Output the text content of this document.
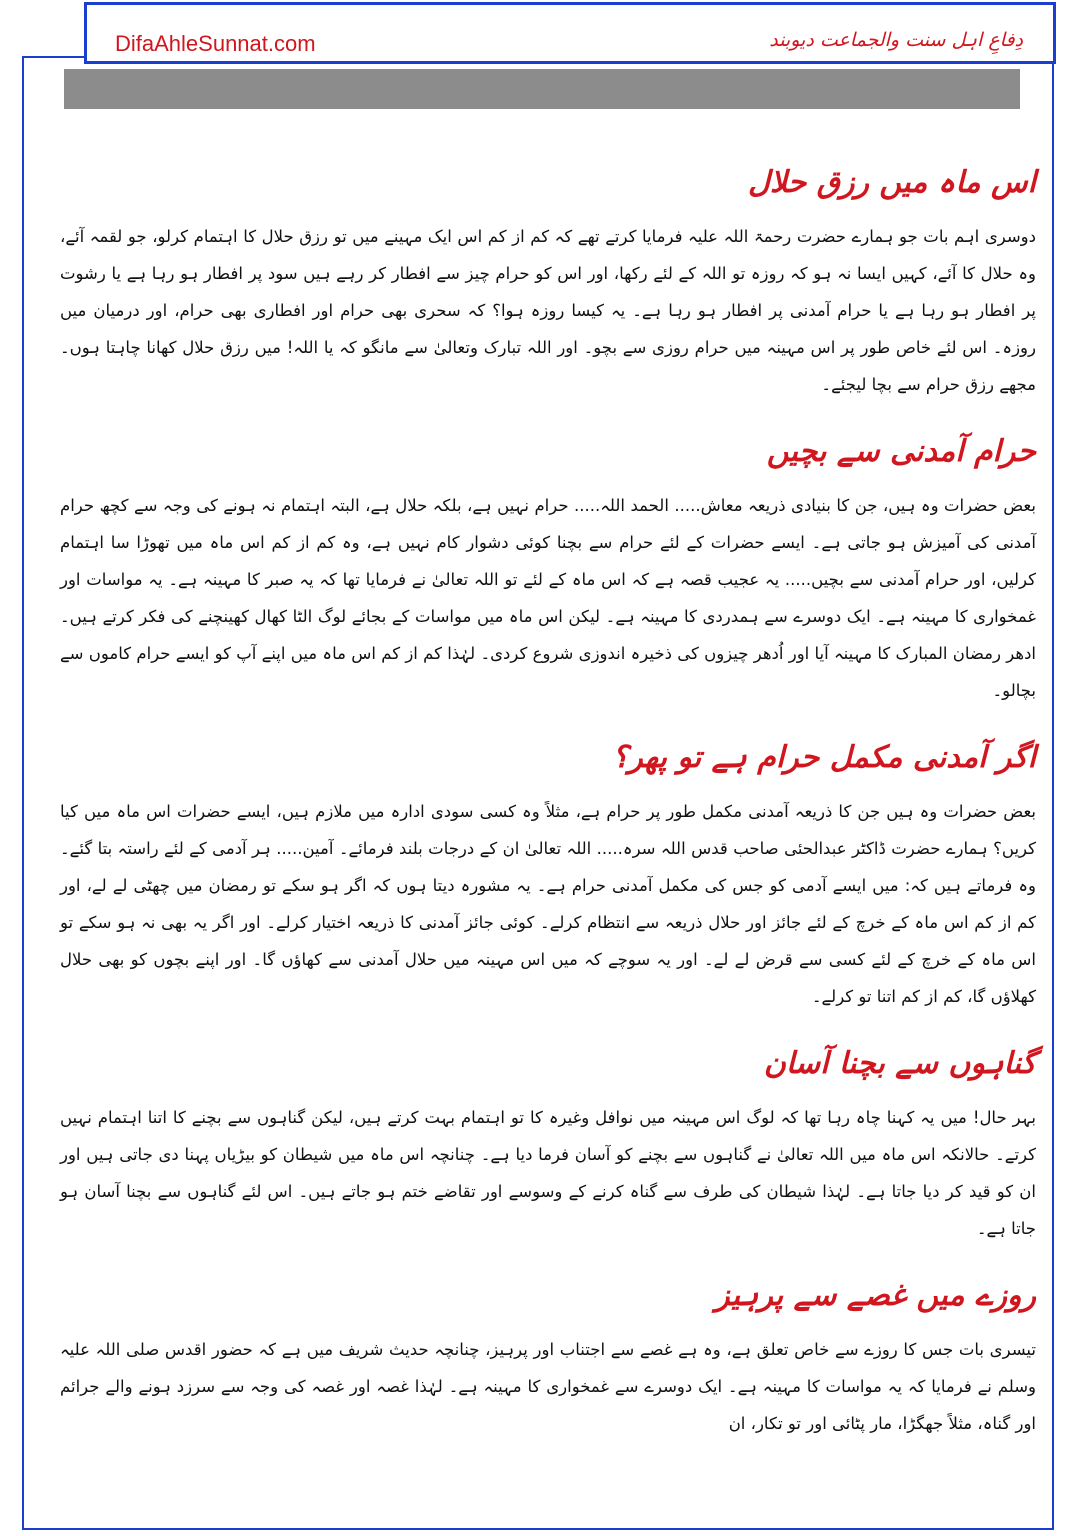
DifaAhleSunnat.com	دِفاعِ اہل سنت والجماعت دیوبند
اس ماہ میں رزق حلال

دوسری اہم بات جو ہمارے حضرت رحمۃ اللہ علیہ فرمایا کرتے تھے کہ کم از کم اس ایک مہینے میں تو رزق حلال کا اہتمام کرلو، جو لقمہ آئے، وہ حلال کا آئے، کہیں ایسا نہ ہو کہ روزہ تو اللہ کے لئے رکھا، اور اس کو حرام چیز سے افطار کر رہے ہیں سود پر افطار ہو رہا ہے یا رشوت پر افطار ہو رہا ہے یا حرام آمدنی پر افطار ہو رہا ہے۔ یہ کیسا روزہ ہوا؟ کہ سحری بھی حرام اور افطاری بھی حرام، اور درمیان میں روزہ۔ اس لئے خاص طور پر اس مہینہ میں حرام روزی سے بچو۔ اور اللہ تبارک وتعالیٰ سے مانگو کہ یا اللہ! میں رزق حلال کھانا چاہتا ہوں۔ مجھے رزق حرام سے بچا لیجئے۔

حرام آمدنی سے بچیں

بعض حضرات وہ ہیں، جن کا بنیادی ذریعہ معاش..... الحمد اللہ..... حرام نہیں ہے، بلکہ حلال ہے، البتہ اہتمام نہ ہونے کی وجہ سے کچھ حرام آمدنی کی آمیزش ہو جاتی ہے۔ ایسے حضرات کے لئے حرام سے بچنا کوئی دشوار کام نہیں ہے، وہ کم از کم اس ماہ میں تھوڑا سا اہتمام کرلیں، اور حرام آمدنی سے بچیں..... یہ عجیب قصہ ہے کہ اس ماہ کے لئے تو اللہ تعالیٰ نے فرمایا تھا کہ یہ صبر کا مہینہ ہے۔ یہ مواسات اور غمخواری کا مہینہ ہے۔ ایک دوسرے سے ہمدردی کا مہینہ ہے۔ لیکن اس ماہ میں مواسات کے بجائے لوگ الٹا کھال کھینچنے کی فکر کرتے ہیں۔ ادھر رمضان المبارک کا مہینہ آیا اور اُدھر چیزوں کی ذخیرہ اندوزی شروع کردی۔ لہٰذا کم از کم اس ماہ میں اپنے آپ کو ایسے حرام کاموں سے بچالو۔

اگر آمدنی مکمل حرام ہے تو پھر؟

بعض حضرات وہ ہیں جن کا ذریعہ آمدنی مکمل طور پر حرام ہے، مثلاً وہ کسی سودی ادارہ میں ملازم ہیں، ایسے حضرات اس ماہ میں کیا کریں؟ ہمارے حضرت ڈاکٹر عبدالحئی صاحب قدس اللہ سرہ..... اللہ تعالیٰ ان کے درجات بلند فرمائے۔ آمین..... ہر آدمی کے لئے راستہ بتا گئے۔ وہ فرماتے ہیں کہ: میں ایسے آدمی کو جس کی مکمل آمدنی حرام ہے۔ یہ مشورہ دیتا ہوں کہ اگر ہو سکے تو رمضان میں چھٹی لے لے، اور کم از کم اس ماہ کے خرچ کے لئے جائز اور حلال ذریعہ سے انتظام کرلے۔ کوئی جائز آمدنی کا ذریعہ اختیار کرلے۔ اور اگر یہ بھی نہ ہو سکے تو اس ماہ کے خرچ کے لئے کسی سے قرض لے لے۔ اور یہ سوچے کہ میں اس مہینہ میں حلال آمدنی سے کھاؤں گا۔ اور اپنے بچوں کو بھی حلال کھلاؤں گا، کم از کم اتنا تو کرلے۔

گناہوں سے بچنا آسان

بہر حال! میں یہ کہنا چاہ رہا تھا کہ لوگ اس مہینہ میں نوافل وغیرہ کا تو اہتمام بہت کرتے ہیں، لیکن گناہوں سے بچنے کا اتنا اہتمام نہیں کرتے۔ حالانکہ اس ماہ میں اللہ تعالیٰ نے گناہوں سے بچنے کو آسان فرما دیا ہے۔ چنانچہ اس ماہ میں شیطان کو بیڑیاں پہنا دی جاتی ہیں اور ان کو قید کر دیا جاتا ہے۔ لہٰذا شیطان کی طرف سے گناہ کرنے کے وسوسے اور تقاضے ختم ہو جاتے ہیں۔ اس لئے گناہوں سے بچنا آسان ہو جاتا ہے۔

روزے میں غصے سے پرہیز

تیسری بات جس کا روزے سے خاص تعلق ہے، وہ ہے غصے سے اجتناب اور پرہیز، چنانچہ حدیث شریف میں ہے کہ حضور اقدس صلی اللہ علیہ وسلم نے فرمایا کہ یہ مواسات کا مہینہ ہے۔ ایک دوسرے سے غمخواری کا مہینہ ہے۔ لہٰذا غصہ اور غصہ کی وجہ سے سرزد ہونے والے جرائم اور گناہ، مثلاً جھگڑا، مار پٹائی اور تو تکار، ان
